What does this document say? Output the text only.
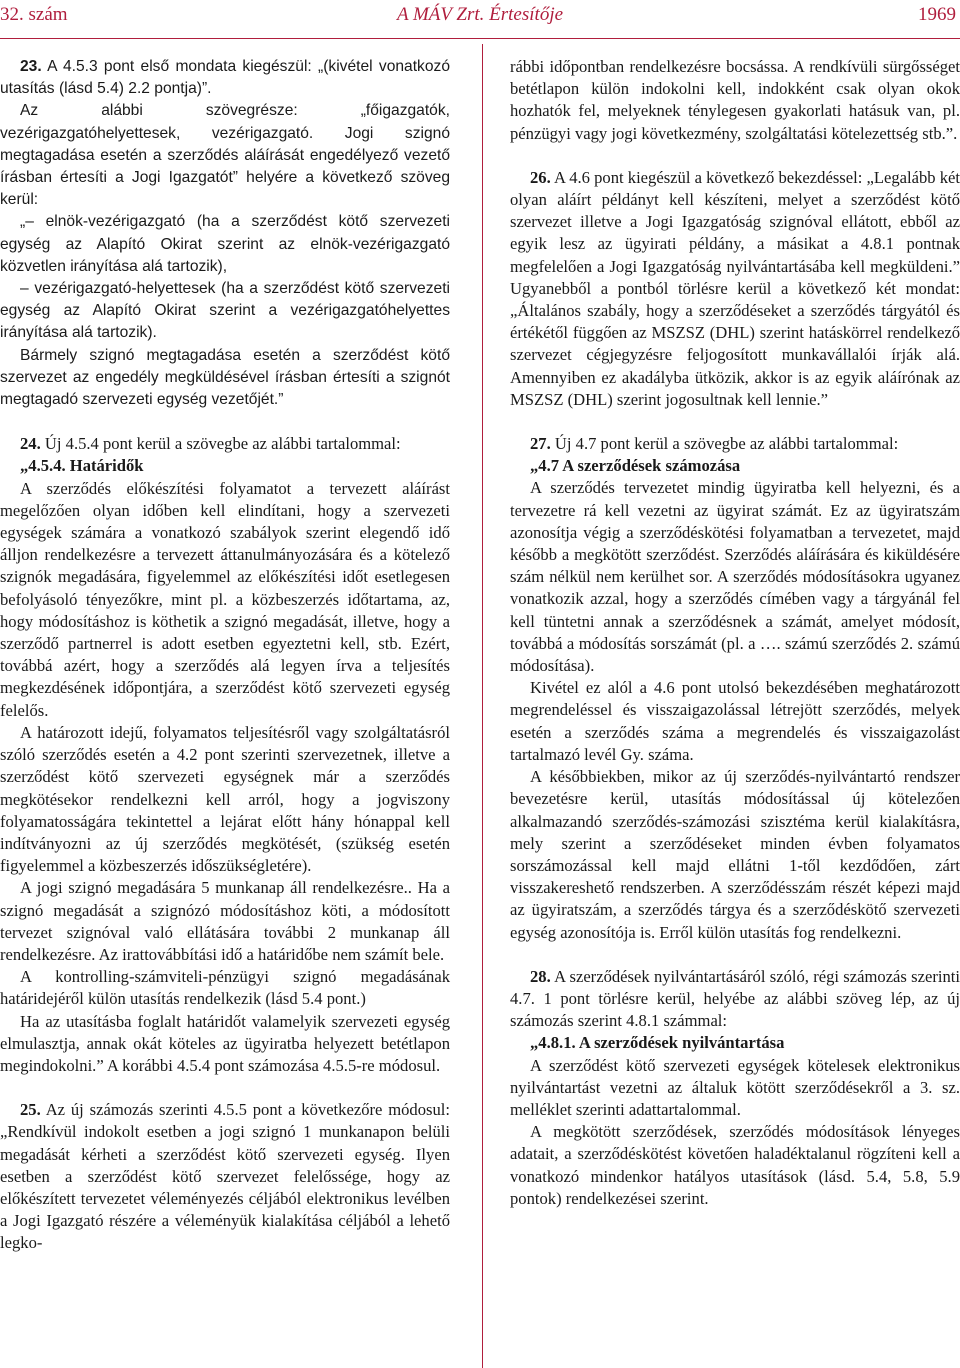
32. szám	A MÁV Zrt. Értesítője	1969
23. A 4.5.3 pont első mondata kiegészül: „(kivétel vonatkozó utasítás (lásd 5.4) 2.2 pontja)”.
Az alábbi szövegrésze: „főigazgatók, vezérigazgatóhelyettesek, vezérigazgató. Jogi szignó megtagadása esetén a szerződés aláírását engedélyező vezető írásban értesíti a Jogi Igazgatót” helyére a következő szöveg kerül:
„– elnök-vezérigazgató (ha a szerződést kötő szervezeti egység az Alapító Okirat szerint az elnök-vezérigazgató közvetlen irányítása alá tartozik),
– vezérigazgató-helyettesek (ha a szerződést kötő szervezeti egység az Alapító Okirat szerint a vezérigazgatóhelyettes irányítása alá tartozik).
Bármely szignó megtagadása esetén a szerződést kötő szervezet az engedély megküldésével írásban értesíti a szignót megtagadó szervezeti egység vezetőjét.”
24. Új 4.5.4 pont kerül a szövegbe az alábbi tartalommal:
„4.5.4. Határidők
A szerződés előkészítési folyamatot a tervezett aláírást megelőzően olyan időben kell elindítani, hogy a szervezeti egységek számára a vonatkozó szabályok szerint elegendő idő álljon rendelkezésre a tervezett áttanulmányozására és a kötelező szignók megadására, figyelemmel az előkészítési időt esetlegesen befolyásoló tényezőkre, mint pl. a közbeszerzés időtartama, az, hogy módosításhoz is köthetik a szignó megadását, illetve, hogy a szerződő partnerrel is adott esetben egyeztetni kell, stb. Ezért, továbbá azért, hogy a szerződés alá legyen írva a teljesítés megkezdésének időpontjára, a szerződést kötő szervezeti egység felelős.
A határozott idejű, folyamatos teljesítésről vagy szolgáltatásról szóló szerződés esetén a 4.2 pont szerinti szervezetnek, illetve a szerződést kötő szervezeti egységnek már a szerződés megkötésekor rendelkezni kell arról, hogy a jogviszony folyamatosságára tekintettel a lejárat előtt hány hónappal kell indítványozni az új szerződés megkötését, (szükség esetén figyelemmel a közbeszerzés időszükségletére).
A jogi szignó megadására 5 munkanap áll rendelkezésre.. Ha a szignó megadását a szignózó módosításhoz köti, a módosított tervezet szignóval való ellátására további 2 munkanap áll rendelkezésre. Az irattovábbítási idő a határidőbe nem számít bele.
A kontrolling-számviteli-pénzügyi szignó megadásának határidejéről külön utasítás rendelkezik (lásd 5.4 pont.)
Ha az utasításba foglalt határidőt valamelyik szervezeti egység elmulasztja, annak okát köteles az ügyiratba helyezett betétlapon megindokolni.” A korábbi 4.5.4 pont számozása 4.5.5-re módosul.
25. Az új számozás szerinti 4.5.5 pont a következőre módosul: „Rendkívül indokolt esetben a jogi szignó 1 munkanapon belüli megadását kérheti a szerződést kötő szervezeti egység. Ilyen esetben a szerződést kötő szervezet felelőssége, hogy az előkészített tervezetet véleményezés céljából elektronikus levélben a Jogi Igazgató részére a véleményük kialakítása céljából a lehető legko-
rábbi időpontban rendelkezésre bocsássa. A rendkívüli sürgősséget betétlapon külön indokolni kell, indokként csak olyan okok hozhatók fel, melyeknek ténylegesen gyakorlati hatásuk van, pl. pénzügyi vagy jogi következmény, szolgáltatási kötelezettség stb.”.
26. A 4.6 pont kiegészül a következő bekezdéssel: „Legalább két olyan aláírt példányt kell készíteni, melyet a szerződést kötő szervezet illetve a Jogi Igazgatóság szignóval ellátott, ebből az egyik lesz az ügyirati példány, a másikat a 4.8.1 pontnak megfelelően a Jogi Igazgatóság nyilvántartásába kell megküldeni.” Ugyanebből a pontból törlésre kerül a következő két mondat: „Általános szabály, hogy a szerződéseket a szerződés tárgyától és értékétől függően az MSZSZ (DHL) szerint hatáskörrel rendelkező szervezet cégjegyzésre feljogosított munkavállalói írják alá. Amennyiben ez akadályba ütközik, akkor is az egyik aláírónak az MSZSZ (DHL) szerint jogosultnak kell lennie.”
27. Új 4.7 pont kerül a szövegbe az alábbi tartalommal:
„4.7 A szerződések számozása
A szerződés tervezetet mindig ügyiratba kell helyezni, és a tervezetre rá kell vezetni az ügyirat számát. Ez az ügyiratszám azonosítja végig a szerződéskötési folyamatban a tervezetet, majd később a megkötött szerződést. Szerződés aláírására és kiküldésére szám nélkül nem kerülhet sor. A szerződés módosításokra ugyanez vonatkozik azzal, hogy a szerződés címében vagy a tárgyánál fel kell tüntetni annak a szerződésnek a számát, amelyet módosít, továbbá a módosítás sorszámát (pl. a …. számú szerződés 2. számú módosítása).
Kivétel ez alól a 4.6 pont utolsó bekezdésében meghatározott megrendeléssel és visszaigazolással létrejött szerződés, melyek esetén a szerződés száma a megrendelés és visszaigazolást tartalmazó levél Gy. száma.
A későbbiekben, mikor az új szerződés-nyilvántartó rendszer bevezetésre kerül, utasítás módosítással új kötelezően alkalmazandó szerződés-számozási szisztéma kerül kialakításra, mely szerint a szerződéseket minden évben folyamatos sorszámozással kell majd ellátni 1-től kezdődően, zárt visszakereshető rendszerben. A szerződésszám részét képezi majd az ügyiratszám, a szerződés tárgya és a szerződéskötő szervezeti egység azonosítója is. Erről külön utasítás fog rendelkezni.
28. A szerződések nyilvántartásáról szóló, régi számozás szerinti 4.7. 1 pont törlésre kerül, helyébe az alábbi szöveg lép, az új számozás szerint 4.8.1 számmal:
„4.8.1. A szerződések nyilvántartása
A szerződést kötő szervezeti egységek kötelesek elektronikus nyilvántartást vezetni az általuk kötött szerződésekről a 3. sz. melléklet szerinti adattartalommal.
A megkötött szerződések, szerződés módosítások lényeges adatait, a szerződéskötést követően haladéktalanul rögzíteni kell a vonatkozó mindenkor hatályos utasítások (lásd. 5.4, 5.8, 5.9 pontok) rendelkezései szerint.
